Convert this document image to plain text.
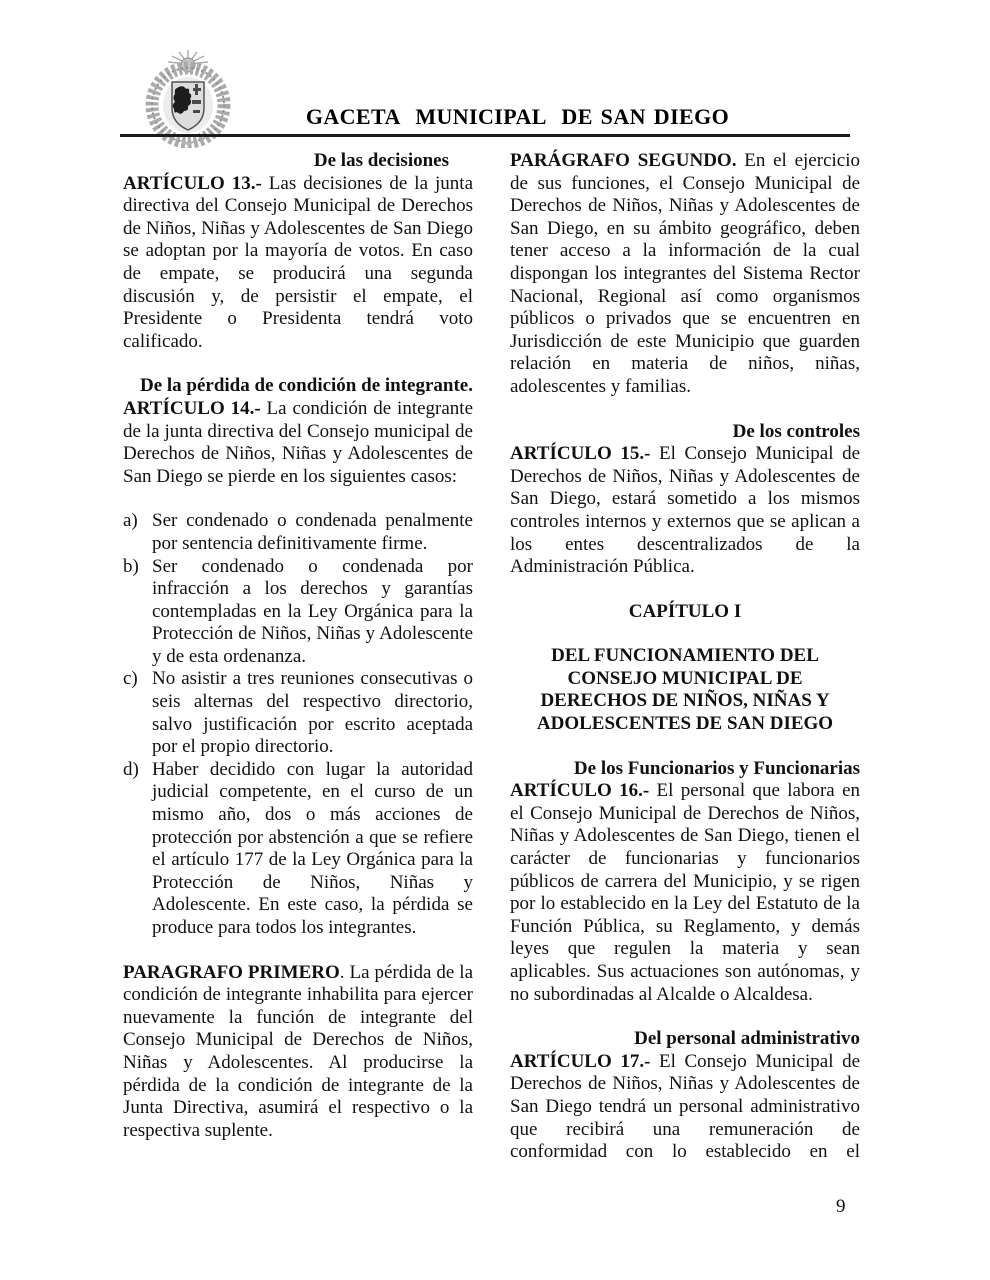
GACETA  MUNICIPAL  DE SAN DIEGO
De las decisiones

ARTÍCULO 13.- Las decisiones de la junta directiva del Consejo Municipal de Derechos de Niños, Niñas y Adolescentes de San Diego se adoptan por la mayoría de votos. En caso de empate, se producirá una segunda discusión y, de persistir el empate, el Presidente o Presidenta tendrá voto calificado.

De la pérdida de condición de integrante.

ARTÍCULO 14.- La condición de integrante de la junta directiva del Consejo municipal de Derechos de Niños, Niñas y Adolescentes de San Diego se pierde en los siguientes casos:

a) Ser condenado o condenada penalmente por sentencia definitivamente firme.
b) Ser condenado o condenada por infracción a los derechos y garantías contempladas en la Ley Orgánica para la Protección de Niños, Niñas y Adolescente y de esta ordenanza.
c) No asistir a tres reuniones consecutivas o seis alternas del respectivo directorio, salvo justificación por escrito aceptada por el propio directorio.
d) Haber decidido con lugar la autoridad judicial competente, en el curso de un mismo año, dos o más acciones de protección por abstención a que se refiere el artículo 177 de la Ley Orgánica para la Protección de Niños, Niñas y Adolescente. En este caso, la pérdida se produce para todos los integrantes.

PARAGRAFO PRIMERO. La pérdida de la condición de integrante inhabilita para ejercer nuevamente la función de integrante del Consejo Municipal de Derechos de Niños, Niñas y Adolescentes. Al producirse la pérdida de la condición de integrante de la Junta Directiva, asumirá el respectivo o la respectiva suplente.

PARÁGRAFO SEGUNDO. En el ejercicio de sus funciones, el Consejo Municipal de Derechos de Niños, Niñas y Adolescentes de San Diego, en su ámbito geográfico, deben tener acceso a la información de la cual dispongan los integrantes del Sistema Rector Nacional, Regional así como organismos públicos o privados que se encuentren en Jurisdicción de este Municipio que guarden relación en materia de niños, niñas, adolescentes y familias.

De los controles

ARTÍCULO 15.- El Consejo Municipal de Derechos de Niños, Niñas y Adolescentes de San Diego, estará sometido a los mismos controles internos y externos que se aplican a los entes descentralizados de la Administración Pública.

CAPÍTULO I
DEL FUNCIONAMIENTO DEL
CONSEJO MUNICIPAL DE
DERECHOS DE NIÑOS, NIÑAS Y
ADOLESCENTES DE SAN DIEGO
De los Funcionarios y Funcionarias

ARTÍCULO 16.- El personal que labora en el Consejo Municipal de Derechos de Niños, Niñas y Adolescentes de San Diego, tienen el carácter de funcionarias y funcionarios públicos de carrera del Municipio, y se rigen por lo establecido en la Ley del Estatuto de la Función Pública, su Reglamento, y demás leyes que regulen la materia y sean aplicables. Sus actuaciones son autónomas, y no subordinadas al Alcalde o Alcaldesa.

Del personal administrativo

ARTÍCULO 17.- El Consejo Municipal de Derechos de Niños, Niñas y Adolescentes de San Diego tendrá un personal administrativo que recibirá una remuneración de conformidad con lo establecido en el

9
